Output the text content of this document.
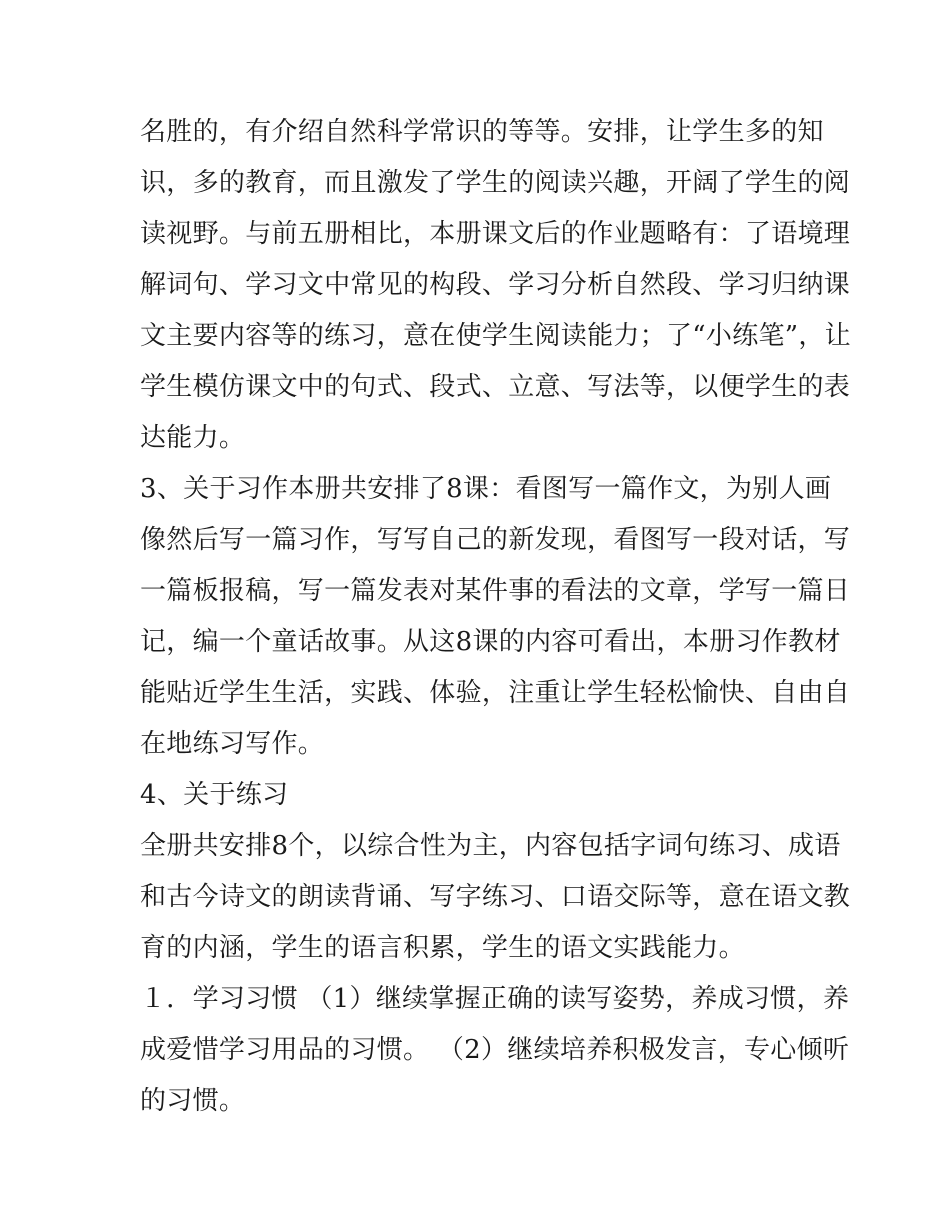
名胜的，有介绍自然科学常识的等等。安排，让学生多的知
识，多的教育，而且激发了学生的阅读兴趣，开阔了学生的阅
读视野。与前五册相比，本册课文后的作业题略有：了语境理
解词句、学习文中常见的构段、学习分析自然段、学习归纳课
文主要内容等的练习，意在使学生阅读能力；了“小练笔”，让
学生模仿课文中的句式、段式、立意、写法等，以便学生的表
达能力。
3、关于习作本册共安排了8课：看图写一篇作文，为别人画
像然后写一篇习作，写写自己的新发现，看图写一段对话，写
一篇板报稿，写一篇发表对某件事的看法的文章，学写一篇日
记，编一个童话故事。从这8课的内容可看出，本册习作教材
能贴近学生生活，实践、体验，注重让学生轻松愉快、自由自
在地练习写作。
4、关于练习
全册共安排8个，以综合性为主，内容包括字词句练习、成语
和古今诗文的朗读背诵、写字练习、口语交际等，意在语文教
育的内涵，学生的语言积累，学生的语文实践能力。
１．学习习惯 （1）继续掌握正确的读写姿势，养成习惯，养
成爱惜学习用品的习惯。 （2）继续培养积极发言，专心倾听
的习惯。
